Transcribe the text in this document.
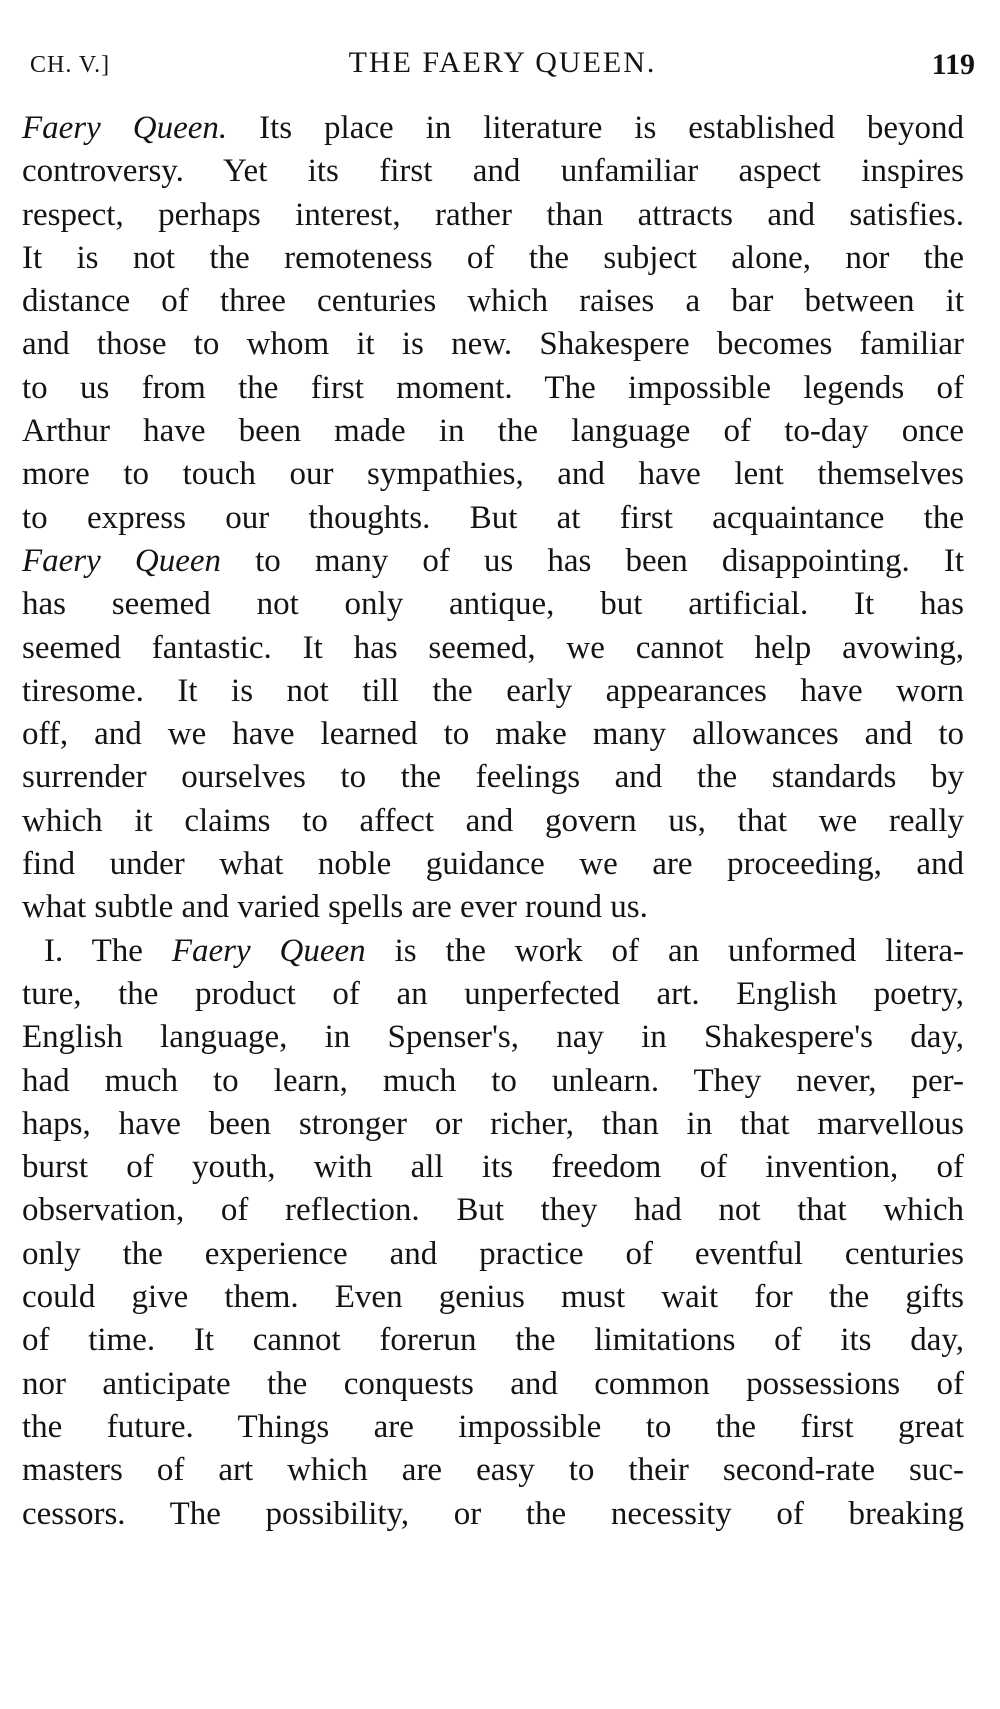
CH. V.]	THE FAERY QUEEN.	119
Faery Queen. Its place in literature is established beyond
controversy. Yet its first and unfamiliar aspect inspires
respect, perhaps interest, rather than attracts and satisfies.
It is not the remoteness of the subject alone, nor the
distance of three centuries which raises a bar between it
and those to whom it is new. Shakespere becomes familiar
to us from the first moment. The impossible legends of
Arthur have been made in the language of to-day once
more to touch our sympathies, and have lent themselves
to express our thoughts. But at first acquaintance the
Faery Queen to many of us has been disappointing. It
has seemed not only antique, but artificial. It has
seemed fantastic. It has seemed, we cannot help avowing,
tiresome. It is not till the early appearances have worn
off, and we have learned to make many allowances and to
surrender ourselves to the feelings and the standards by
which it claims to affect and govern us, that we really
find under what noble guidance we are proceeding, and
what subtle and varied spells are ever round us.
I. The Faery Queen is the work of an unformed litera-
ture, the product of an unperfected art. English poetry,
English language, in Spenser's, nay in Shakespere's day,
had much to learn, much to unlearn. They never, per-
haps, have been stronger or richer, than in that marvellous
burst of youth, with all its freedom of invention, of
observation, of reflection. But they had not that which
only the experience and practice of eventful centuries
could give them. Even genius must wait for the gifts
of time. It cannot forerun the limitations of its day,
nor anticipate the conquests and common possessions of
the future. Things are impossible to the first great
masters of art which are easy to their second-rate suc-
cessors. The possibility, or the necessity of breaking
